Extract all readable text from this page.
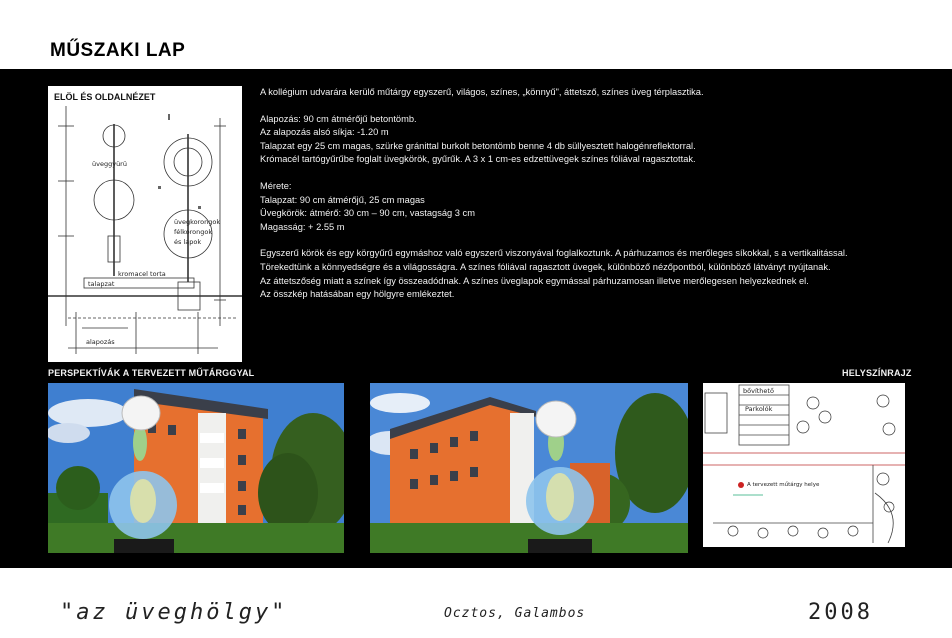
MŰSZAKI LAP
ELÖL ÉS OLDALNÉZET
üveggyürü
üvegkorongok
félkorongok
és lapok
kromacel torta
talapzat
alapozás

A kollégium udvarára kerülő műtárgy egyszerű, világos, színes, „könnyű", áttetsző, színes üveg térplasztika.

Alapozás: 90 cm átmérőjű betontömb.

Az alapozás alsó síkja: -1.20 m

Talapzat egy 25 cm magas, szürke gránittal burkolt betontömb benne 4 db süllyesztett halogénreflektorral.

Krómacél tartógyűrűbe foglalt üvegkörök, gyűrűk. A 3 x 1 cm-es edzettüvegek színes fóliával ragasztottak.

Mérete:

Talapzat: 90 cm átmérőjű, 25 cm magas

Üvegkörök: átmérő: 30 cm – 90 cm, vastagság 3 cm

Magasság: + 2.55 m

Egyszerű körök és egy körgyűrű egymáshoz való egyszerű viszonyával foglalkoztunk. A párhuzamos és merőleges síkokkal, s a vertikalitással.

Törekedtünk a könnyedségre és a világosságra. A színes fóliával ragasztott üvegek, különböző nézőpontból, különböző látványt nyújtanak.

Az áttetszőség miatt a színek így összeadódnak. A színes üveglapok egymással párhuzamosan illetve merőlegesen helyezkednek el.

Az összkép hatásában egy hölgyre emlékeztet.

PERSPEKTÍVÁK A TERVEZETT MŰTÁRGGYAL	HELYSZÍNRAJZ
bővíthető
Parkolók
A tervezett műtárgy helye
"az üveghölgy"	Ocztos, Galambos	2008
